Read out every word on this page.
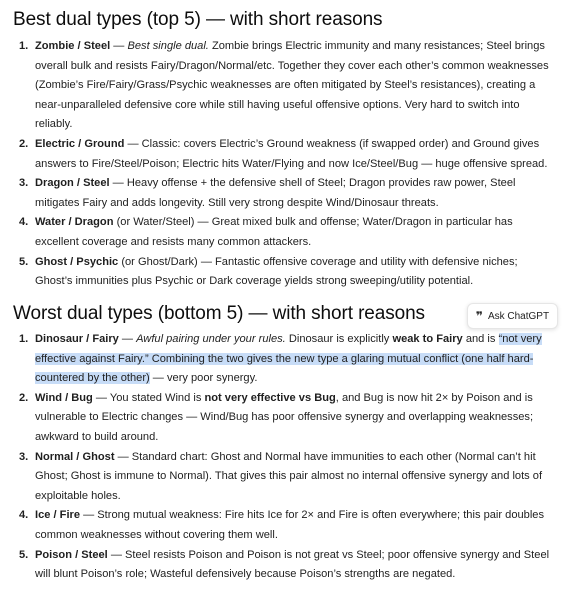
Best dual types (top 5) — with short reasons
1. Zombie / Steel — Best single dual. Zombie brings Electric immunity and many resistances; Steel brings overall bulk and resists Fairy/Dragon/Normal/etc. Together they cover each other’s common weaknesses (Zombie’s Fire/Fairy/Grass/Psychic weaknesses are often mitigated by Steel’s resistances), creating a near-unparalleled defensive core while still having useful offensive options. Very hard to switch into reliably.
2. Electric / Ground — Classic: covers Electric’s Ground weakness (if swapped order) and Ground gives answers to Fire/Steel/Poison; Electric hits Water/Flying and now Ice/Steel/Bug — huge offensive spread.
3. Dragon / Steel — Heavy offense + the defensive shell of Steel; Dragon provides raw power, Steel mitigates Fairy and adds longevity. Still very strong despite Wind/Dinosaur threats.
4. Water / Dragon (or Water/Steel) — Great mixed bulk and offense; Water/Dragon in particular has excellent coverage and resists many common attackers.
5. Ghost / Psychic (or Ghost/Dark) — Fantastic offensive coverage and utility with defensive niches; Ghost’s immunities plus Psychic or Dark coverage yields strong sweeping/utility potential.
Worst dual types (bottom 5) — with short reasons	❞ Ask ChatGPT
1. Dinosaur / Fairy — Awful pairing under your rules. Dinosaur is explicitly weak to Fairy and is “not very effective against Fairy.” Combining the two gives the new type a glaring mutual conflict (one half hard-countered by the other) — very poor synergy.
2. Wind / Bug — You stated Wind is not very effective vs Bug, and Bug is now hit 2× by Poison and is vulnerable to Electric changes — Wind/Bug has poor offensive synergy and overlapping weaknesses; awkward to build around.
3. Normal / Ghost — Standard chart: Ghost and Normal have immunities to each other (Normal can’t hit Ghost; Ghost is immune to Normal). That gives this pair almost no internal offensive synergy and lots of exploitable holes.
4. Ice / Fire — Strong mutual weakness: Fire hits Ice for 2× and Fire is often everywhere; this pair doubles common weaknesses without covering them well.
5. Poison / Steel — Steel resists Poison and Poison is not great vs Steel; poor offensive synergy and Steel will blunt Poison’s role; Wasteful defensively because Poison’s strengths are negated.
